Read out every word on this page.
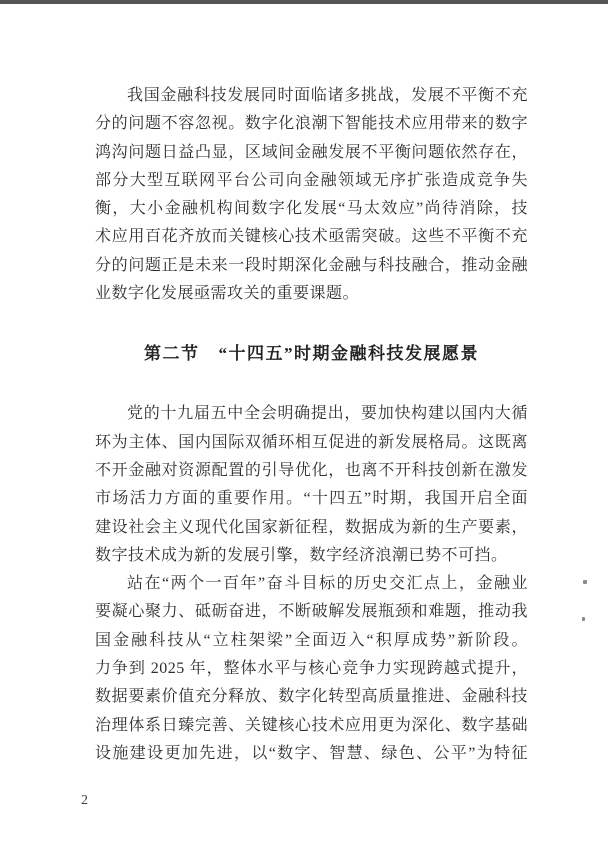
我国金融科技发展同时面临诸多挑战，发展不平衡不充

分的问题不容忽视。数字化浪潮下智能技术应用带来的数字

鸿沟问题日益凸显，区域间金融发展不平衡问题依然存在，

部分大型互联网平台公司向金融领域无序扩张造成竞争失

衡，大小金融机构间数字化发展“马太效应”尚待消除，技

术应用百花齐放而关键核心技术亟需突破。这些不平衡不充

分的问题正是未来一段时期深化金融与科技融合，推动金融

业数字化发展亟需攻关的重要课题。

第二节 “十四五”时期金融科技发展愿景

党的十九届五中全会明确提出，要加快构建以国内大循

环为主体、国内国际双循环相互促进的新发展格局。这既离

不开金融对资源配置的引导优化，也离不开科技创新在激发

市场活力方面的重要作用。“十四五”时期，我国开启全面

建设社会主义现代化国家新征程，数据成为新的生产要素，

数字技术成为新的发展引擎，数字经济浪潮已势不可挡。

站在“两个一百年”奋斗目标的历史交汇点上，金融业

要凝心聚力、砥砺奋进，不断破解发展瓶颈和难题，推动我

国金融科技从“立柱架梁”全面迈入“积厚成势”新阶段。

力争到 2025 年，整体水平与核心竞争力实现跨越式提升，

数据要素价值充分释放、数字化转型高质量推进、金融科技

治理体系日臻完善、关键核心技术应用更为深化、数字基础

设施建设更加先进，以“数字、智慧、绿色、公平”为特征

2
